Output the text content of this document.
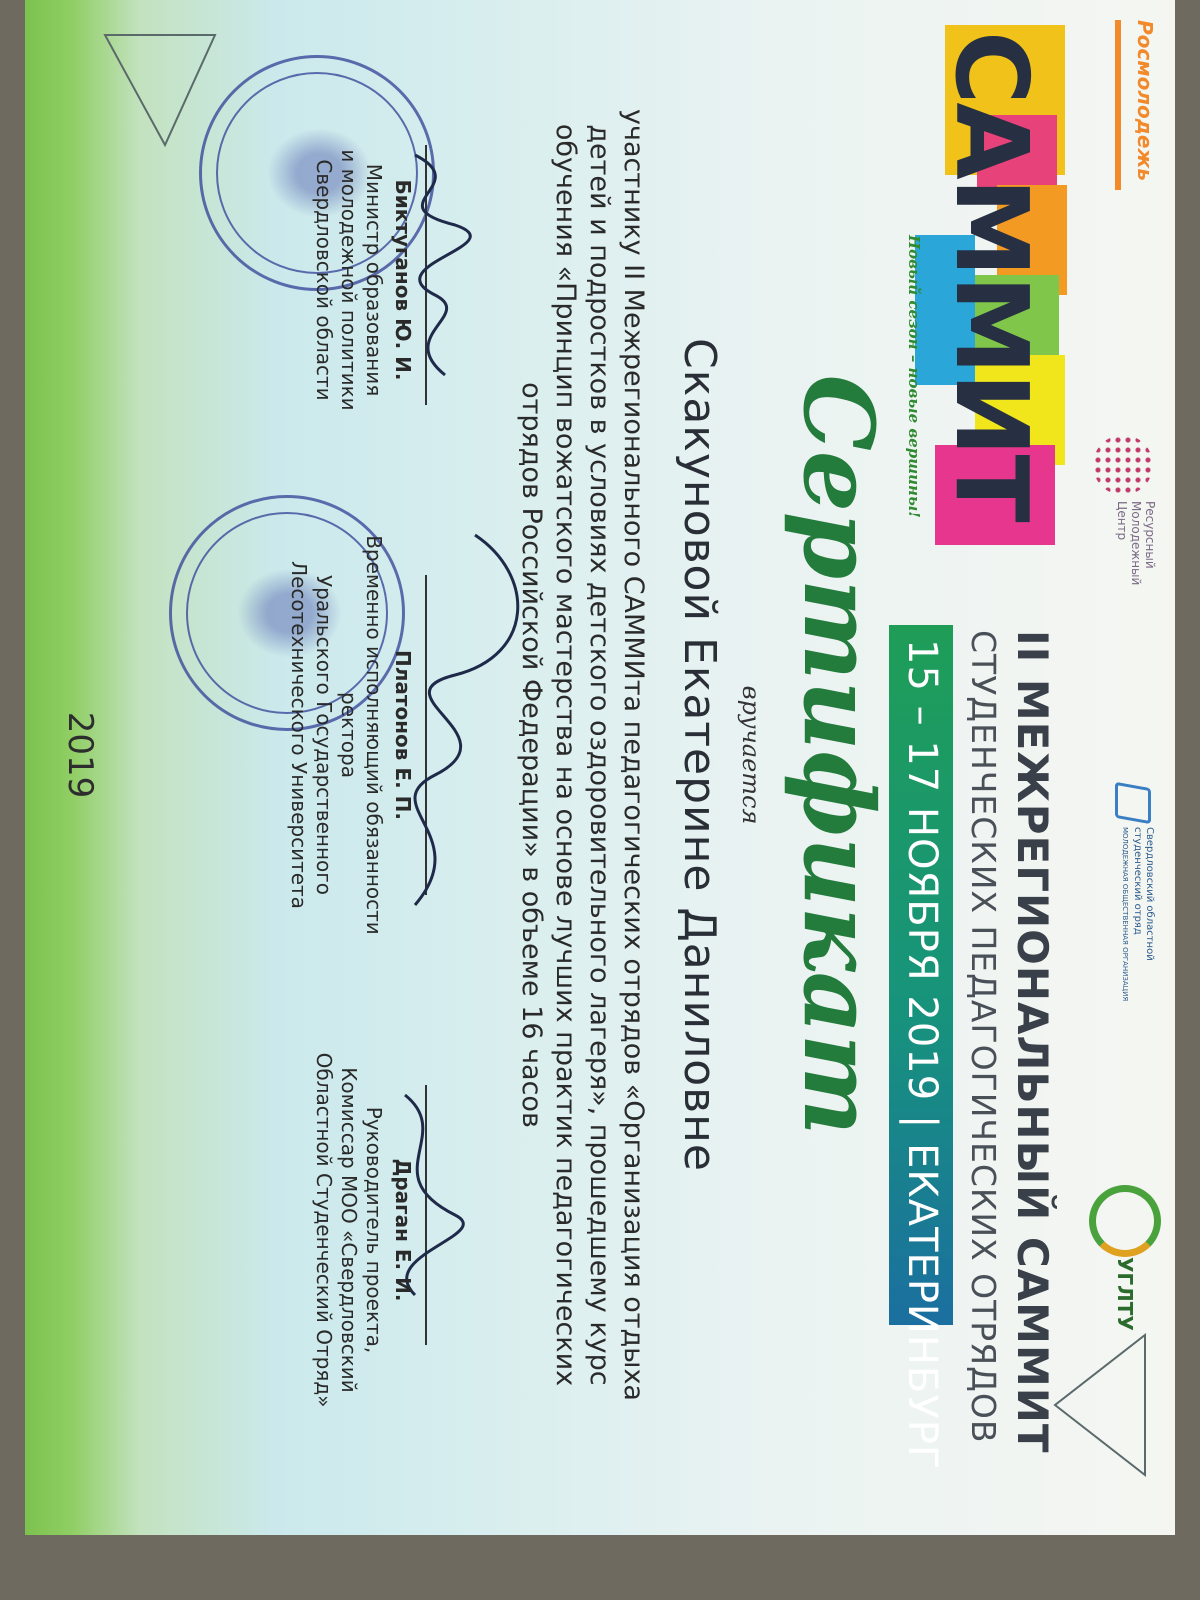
Росмолодежь
Ресурсный
Молодежный
Центр
Свердловский областной
студенческий отряд
МОЛОДЕЖНАЯ ОБЩЕСТВЕННАЯ ОРГАНИЗАЦИЯ
УГЛТУ
САММИТ
Новый сезон – новые вершины!
II МЕЖРЕГИОНАЛЬНЫЙ САММИТ
СТУДЕНЧЕСКИХ ПЕДАГОГИЧЕСКИХ ОТРЯДОВ
15 – 17 НОЯБРЯ 2019 | ЕКАТЕРИНБУРГ
Сертификат
вручается
Скакуновой Екатерине Даниловне
участнику II Межрегионального САММИта педагогических отрядов «Организация отдыха детей и подростков в условиях детского оздоровительного лагеря», прошедшему курс обучения «Принцип вожатского мастерства на основе лучших практик педагогических отрядов Российской Федерации» в объеме 16 часов
Биктуганов Ю. И.
Министр образования
и молодежной политики
Свердловской области
Платонов Е. П.
Временно исполняющий обязанности ректора
Уральского Государственного
Лесотехнического Университета
Драган Е. И.
Руководитель проекта,
Комиссар МОО «Свердловский
Областной Студенческий Отряд»
2019
